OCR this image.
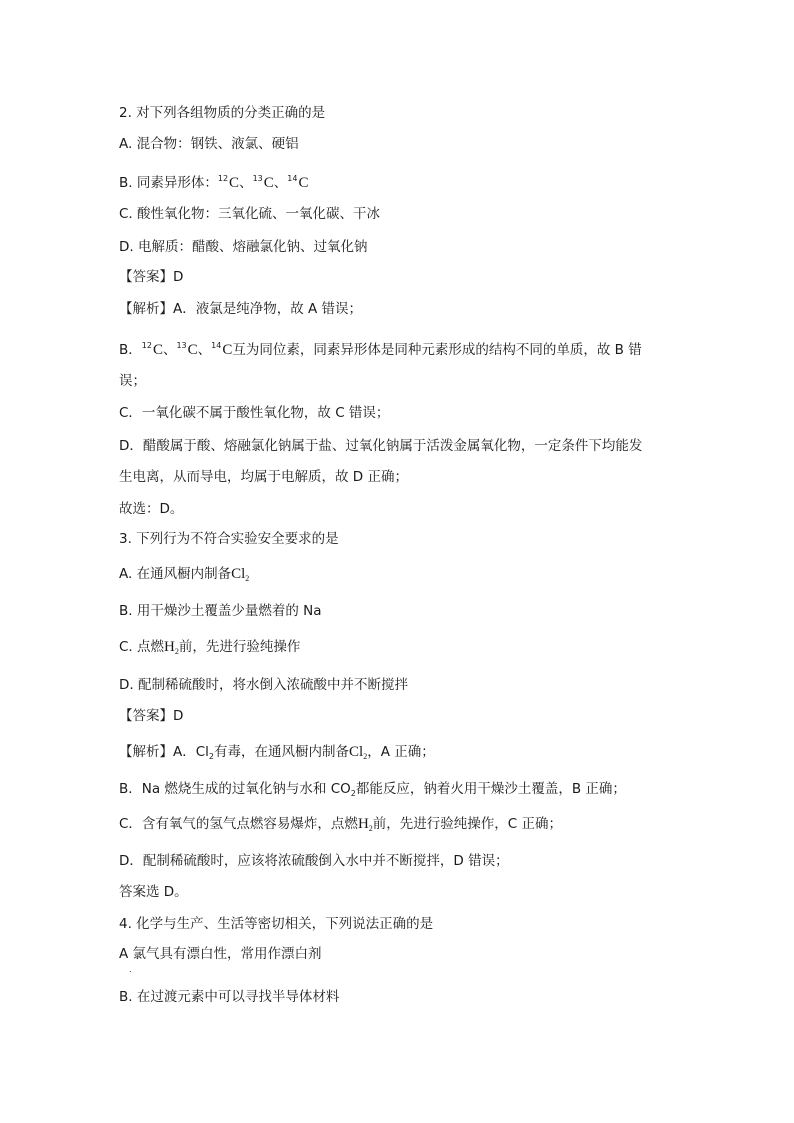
2. 对下列各组物质的分类正确的是
A. 混合物：钢铁、液氯、硬铝
B. 同素异形体：$^{12}$C、$^{13}$C、$^{14}$C
C. 酸性氧化物：三氧化硫、一氧化碳、干冰
D. 电解质：醋酸、熔融氯化钠、过氧化钠
【答案】D
【解析】A．液氯是纯净物，故 A 错误；
B．$^{12}$C、$^{13}$C、$^{14}$C互为同位素，同素异形体是同种元素形成的结构不同的单质，故 B 错
误；
C．一氧化碳不属于酸性氧化物，故 C 错误；
D．醋酸属于酸、熔融氯化钠属于盐、过氧化钠属于活泼金属氧化物，一定条件下均能发
生电离，从而导电，均属于电解质，故 D 正确；
故选：D。
3. 下列行为不符合实验安全要求的是
A. 在通风橱内制备$Cl_2$
B. 用干燥沙土覆盖少量燃着的 Na
C. 点燃$H_2$前，先进行验纯操作
D. 配制稀硫酸时，将水倒入浓硫酸中并不断搅拌
【答案】D
【解析】A．$Cl_2$有毒，在通风橱内制备$Cl_2$，A 正确；
B．Na 燃烧生成的过氧化钠与水和 $CO_2$都能反应，钠着火用干燥沙土覆盖，B 正确；
C．含有氧气的氢气点燃容易爆炸，点燃$H_2$前，先进行验纯操作，C 正确；
D．配制稀硫酸时，应该将浓硫酸倒入水中并不断搅拌，D 错误；
答案选 D。
4. 化学与生产、生活等密切相关，下列说法正确的是
A 氯气具有漂白性，常用作漂白剂
.
B. 在过渡元素中可以寻找半导体材料
